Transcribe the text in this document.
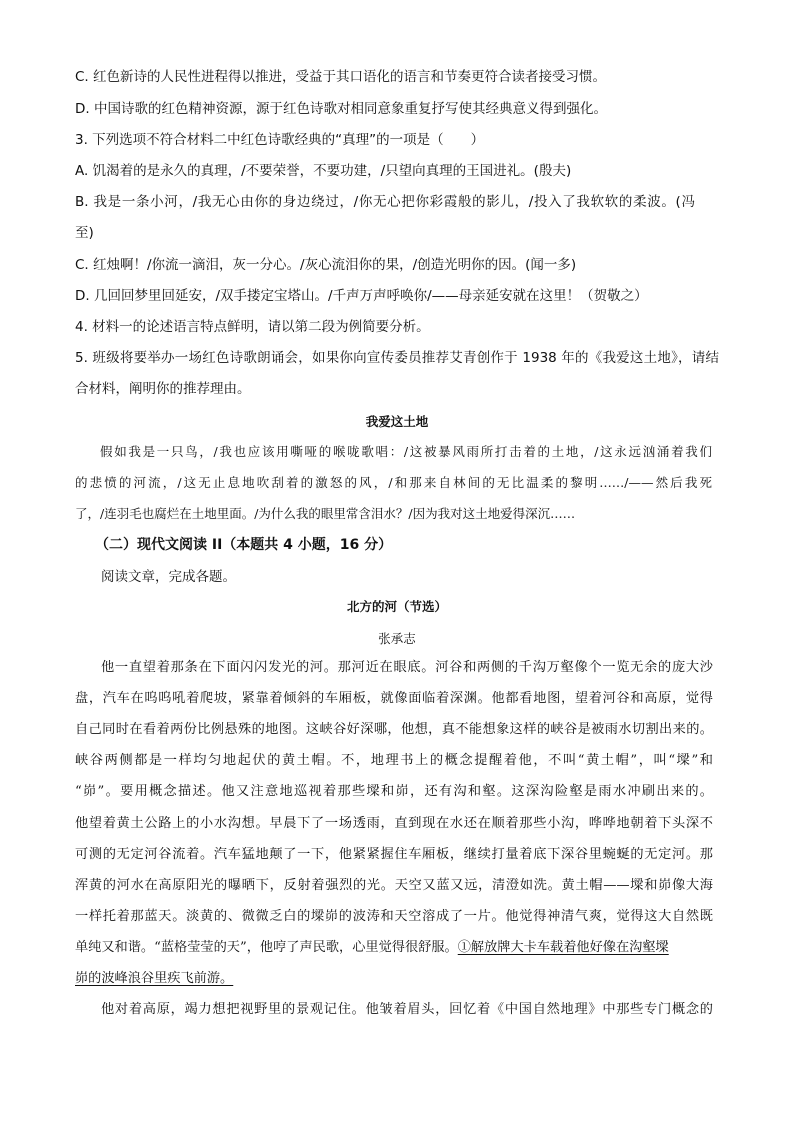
C. 红色新诗的人民性进程得以推进，受益于其口语化的语言和节奏更符合读者接受习惯。
D. 中国诗歌的红色精神资源，源于红色诗歌对相同意象重复抒写使其经典意义得到强化。
3. 下列选项不符合材料二中红色诗歌经典的“真理”的一项是（　　）
A. 饥渴着的是永久的真理，/不要荣誉，不要功建，/只望向真理的王国进礼。(殷夫)
B. 我是一条小河，/我无心由你的身边绕过，/你无心把你彩霞般的影儿，/投入了我软软的柔波。(冯
至)
C. 红烛啊！/你流一滴泪，灰一分心。/灰心流泪你的果，/创造光明你的因。(闻一多)
D. 几回回梦里回延安，/双手搂定宝塔山。/千声万声呼唤你/——母亲延安就在这里！（贺敬之）
4. 材料一的论述语言特点鲜明，请以第二段为例简要分析。
5. 班级将要举办一场红色诗歌朗诵会，如果你向宣传委员推荐艾青创作于 1938 年的《我爱这土地》，请结
合材料，阐明你的推荐理由。
我爱这土地
假如我是一只鸟，/我也应该用嘶哑的喉咙歌唱：/这被暴风雨所打击着的土地，/这永远汹涌着我们
的悲愤的河流，/这无止息地吹刮着的激怒的风，/和那来自林间的无比温柔的黎明……/——然后我死
了，/连羽毛也腐烂在土地里面。/为什么我的眼里常含泪水？/因为我对这土地爱得深沉……
（二）现代文阅读 II（本题共 4 小题，16 分）
阅读文章，完成各题。
北方的河（节选）
张承志
他一直望着那条在下面闪闪发光的河。那河近在眼底。河谷和两侧的千沟万壑像个一览无余的庞大沙
盘，汽车在呜呜吼着爬坡，紧靠着倾斜的车厢板，就像面临着深渊。他都看地图，望着河谷和高原，觉得
自己同时在看着两份比例悬殊的地图。这峡谷好深哪，他想，真不能想象这样的峡谷是被雨水切割出来的。
峡谷两侧都是一样均匀地起伏的黄土帽。不，地理书上的概念提醒着他，不叫“黄土帽”，叫“墚”和
“峁”。要用概念描述。他又注意地巡视着那些墚和峁，还有沟和壑。这深沟险壑是雨水冲刷出来的。
他望着黄土公路上的小水沟想。早晨下了一场透雨，直到现在水还在顺着那些小沟，哗哗地朝着下头深不
可测的无定河谷流着。汽车猛地颠了一下，他紧紧握住车厢板，继续打量着底下深谷里蜿蜒的无定河。那
浑黄的河水在高原阳光的曝晒下，反射着强烈的光。天空又蓝又远，清澄如洗。黄土帽——墚和峁像大海
一样托着那蓝天。淡黄的、微微乏白的墚峁的波涛和天空溶成了一片。他觉得神清气爽，觉得这大自然既
单纯又和谐。“蓝格莹莹的天”，他哼了声民歌，心里觉得很舒服。①解放牌大卡车载着他好像在沟壑墚
峁的波峰浪谷里疾飞前游。
他对着高原，竭力想把视野里的景观记住。他皱着眉头，回忆着《中国自然地理》中那些专门概念的
